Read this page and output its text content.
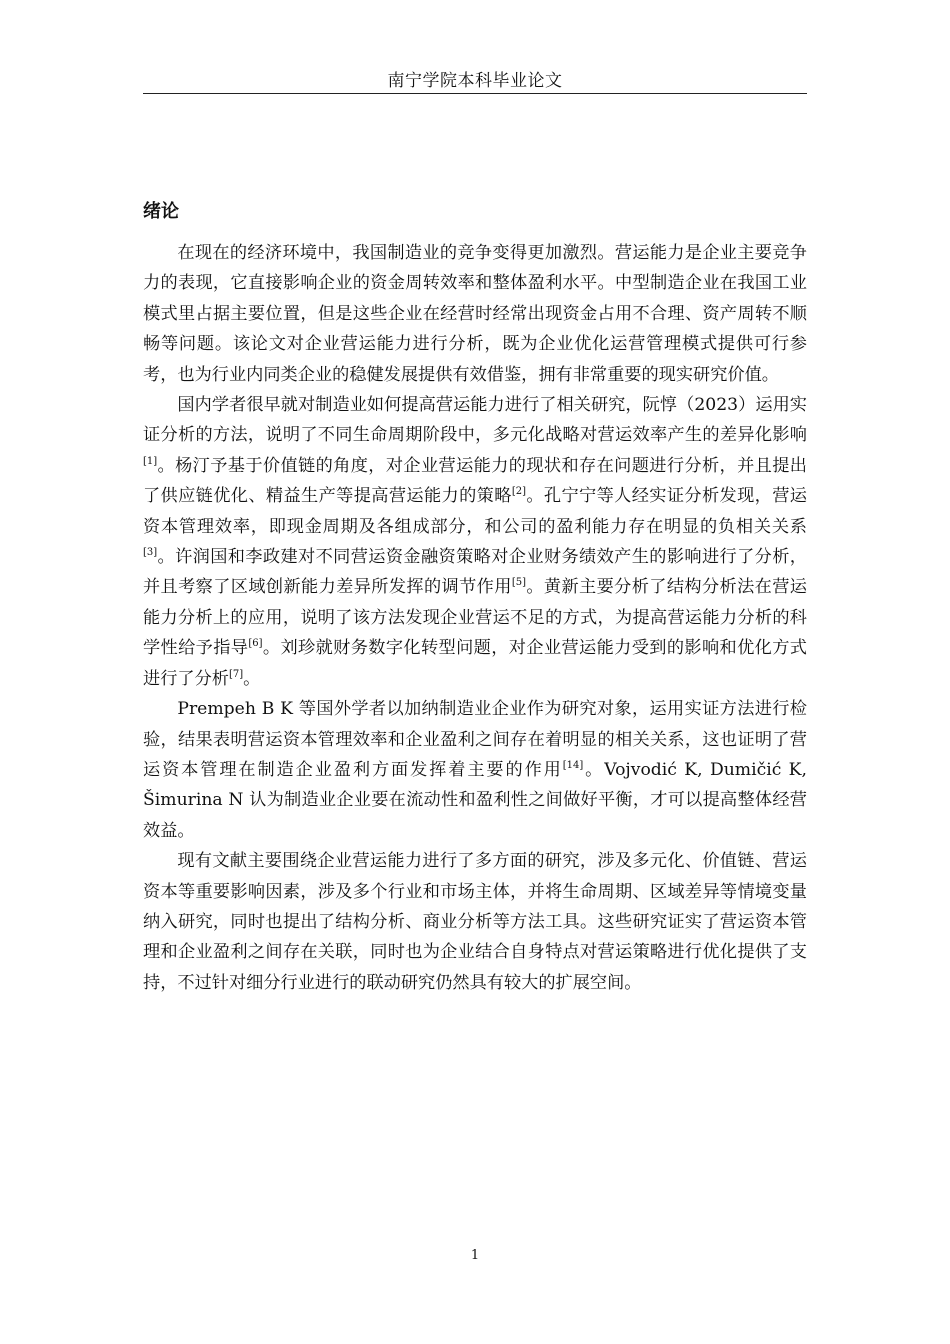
南宁学院本科毕业论文
绪论

在现在的经济环境中，我国制造业的竞争变得更加激烈。营运能力是企业主要竞争力的表现，它直接影响企业的资金周转效率和整体盈利水平。中型制造企业在我国工业模式里占据主要位置，但是这些企业在经营时经常出现资金占用不合理、资产周转不顺畅等问题。该论文对企业营运能力进行分析，既为企业优化运营管理模式提供可行参考，也为行业内同类企业的稳健发展提供有效借鉴，拥有非常重要的现实研究价值。

国内学者很早就对制造业如何提高营运能力进行了相关研究，阮惇（2023）运用实证分析的方法，说明了不同生命周期阶段中，多元化战略对营运效率产生的差异化影响[1]。杨汀予基于价值链的角度，对企业营运能力的现状和存在问题进行分析，并且提出了供应链优化、精益生产等提高营运能力的策略[2]。孔宁宁等人经实证分析发现，营运资本管理效率，即现金周期及各组成部分，和公司的盈利能力存在明显的负相关关系[3]。许润国和李政建对不同营运资金融资策略对企业财务绩效产生的影响进行了分析，并且考察了区域创新能力差异所发挥的调节作用[5]。黄新主要分析了结构分析法在营运能力分析上的应用，说明了该方法发现企业营运不足的方式，为提高营运能力分析的科学性给予指导[6]。刘珍就财务数字化转型问题，对企业营运能力受到的影响和优化方式进行了分析[7]。

Prempeh B K 等国外学者以加纳制造业企业作为研究对象，运用实证方法进行检验，结果表明营运资本管理效率和企业盈利之间存在着明显的相关关系，这也证明了营运资本管理在制造企业盈利方面发挥着主要的作用[14]。Vojvodić K, Dumičić K, Šimurina N 认为制造业企业要在流动性和盈利性之间做好平衡，才可以提高整体经营效益。

现有文献主要围绕企业营运能力进行了多方面的研究，涉及多元化、价值链、营运资本等重要影响因素，涉及多个行业和市场主体，并将生命周期、区域差异等情境变量纳入研究，同时也提出了结构分析、商业分析等方法工具。这些研究证实了营运资本管理和企业盈利之间存在关联，同时也为企业结合自身特点对营运策略进行优化提供了支持，不过针对细分行业进行的联动研究仍然具有较大的扩展空间。

1
